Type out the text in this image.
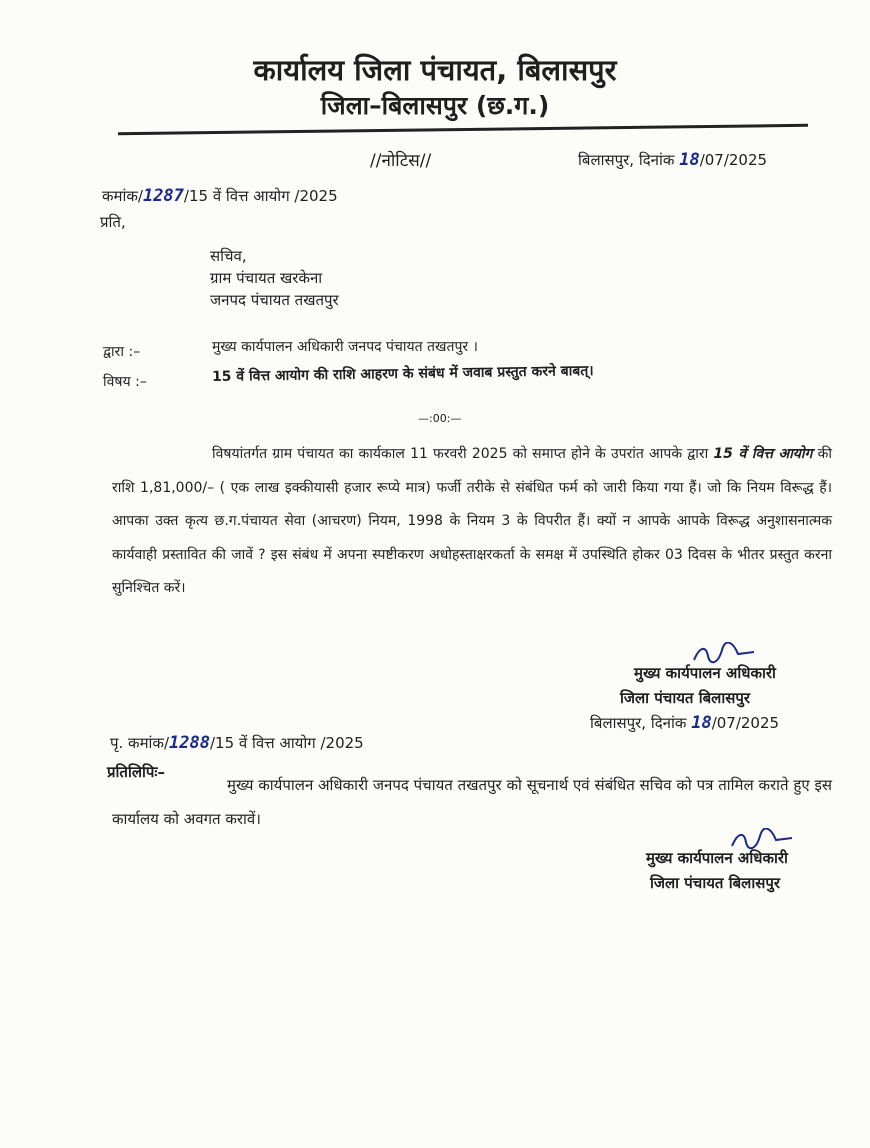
कार्यालय जिला पंचायत, बिलासपुर
जिला–बिलासपुर (छ.ग.)
//नोटिस//	बिलासपुर, दिनांक 18/07/2025
कमांक/1287/15 वें वित्त आयोग /2025
प्रति,
सचिव,
ग्राम पंचायत खरकेना
जनपद पंचायत तखतपुर
द्वारा :–	मुख्य कार्यपालन अधिकारी जनपद पंचायत तखतपुर ।
विषय :–	15 वें वित्त आयोग की राशि आहरण के संबंध में जवाब प्रस्तुत करने बाबत्।
—:00:—
विषयांतर्गत ग्राम पंचायत का कार्यकाल 11 फरवरी 2025 को समाप्त होने के उपरांत आपके द्वारा 15 वें वित्त आयोग की राशि 1,81,000/– ( एक लाख इक्कीयासी हजार रूप्ये मात्र) फर्जी तरीके से संबंधित फर्म को जारी किया गया हैं। जो कि नियम विरूद्ध हैं। आपका उक्त कृत्य छ.ग.पंचायत सेवा (आचरण) नियम, 1998 के नियम 3 के विपरीत हैं। क्यों न आपके आपके विरूद्ध अनुशासनात्मक कार्यवाही प्रस्तावित की जावें ? इस संबंध में अपना स्पष्टीकरण अधोहस्ताक्षरकर्ता के समक्ष में उपस्थिति होकर 03 दिवस के भीतर प्रस्तुत करना सुनिश्चित करें।
मुख्य कार्यपालन अधिकारी
जिला पंचायत बिलासपुर
बिलासपुर, दिनांक 18/07/2025
पृ. कमांक/1288/15 वें वित्त आयोग /2025
प्रतिलिपिः–
मुख्य कार्यपालन अधिकारी जनपद पंचायत तखतपुर को सूचनार्थ एवं संबंधित सचिव को पत्र तामिल कराते हुए इस कार्यालय को अवगत करावें।
मुख्य कार्यपालन अधिकारी
जिला पंचायत बिलासपुर
